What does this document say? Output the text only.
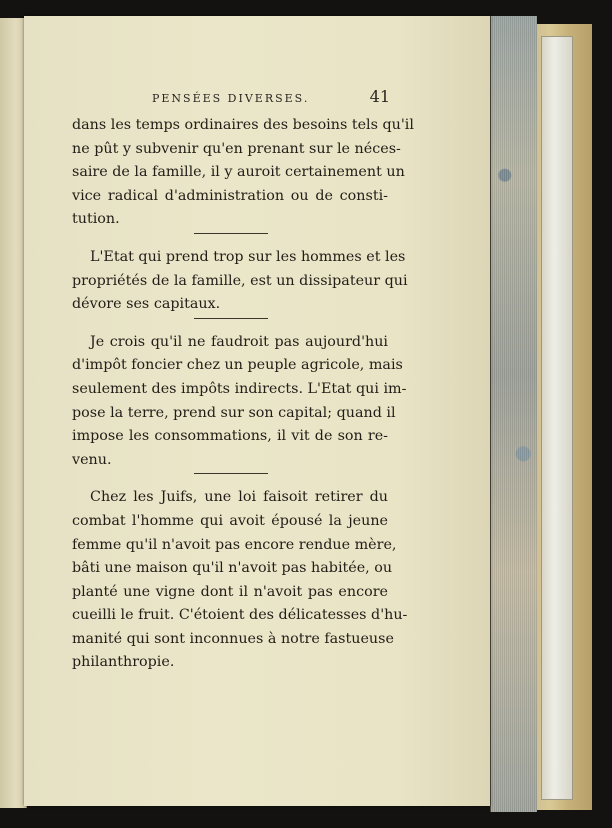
PENSÉES DIVERSES.	41

dans les temps ordinaires des besoins tels qu'il
ne pût y subvenir qu'en prenant sur le néces-
saire de la famille, il y auroit certainement un
vice radical d'administration ou de consti-
tution.

L'Etat qui prend trop sur les hommes et les
propriétés de la famille, est un dissipateur qui
dévore ses capitaux.

Je crois qu'il ne faudroit pas aujourd'hui
d'impôt foncier chez un peuple agricole, mais
seulement des impôts indirects. L'Etat qui im-
pose la terre, prend sur son capital; quand il
impose les consommations, il vit de son re-
venu.

Chez les Juifs, une loi faisoit retirer du
combat l'homme qui avoit épousé la jeune
femme qu'il n'avoit pas encore rendue mère,
bâti une maison qu'il n'avoit pas habitée, ou
planté une vigne dont il n'avoit pas encore
cueilli le fruit. C'étoient des délicatesses d'hu-
manité qui sont inconnues à notre fastueuse
philanthropie.
